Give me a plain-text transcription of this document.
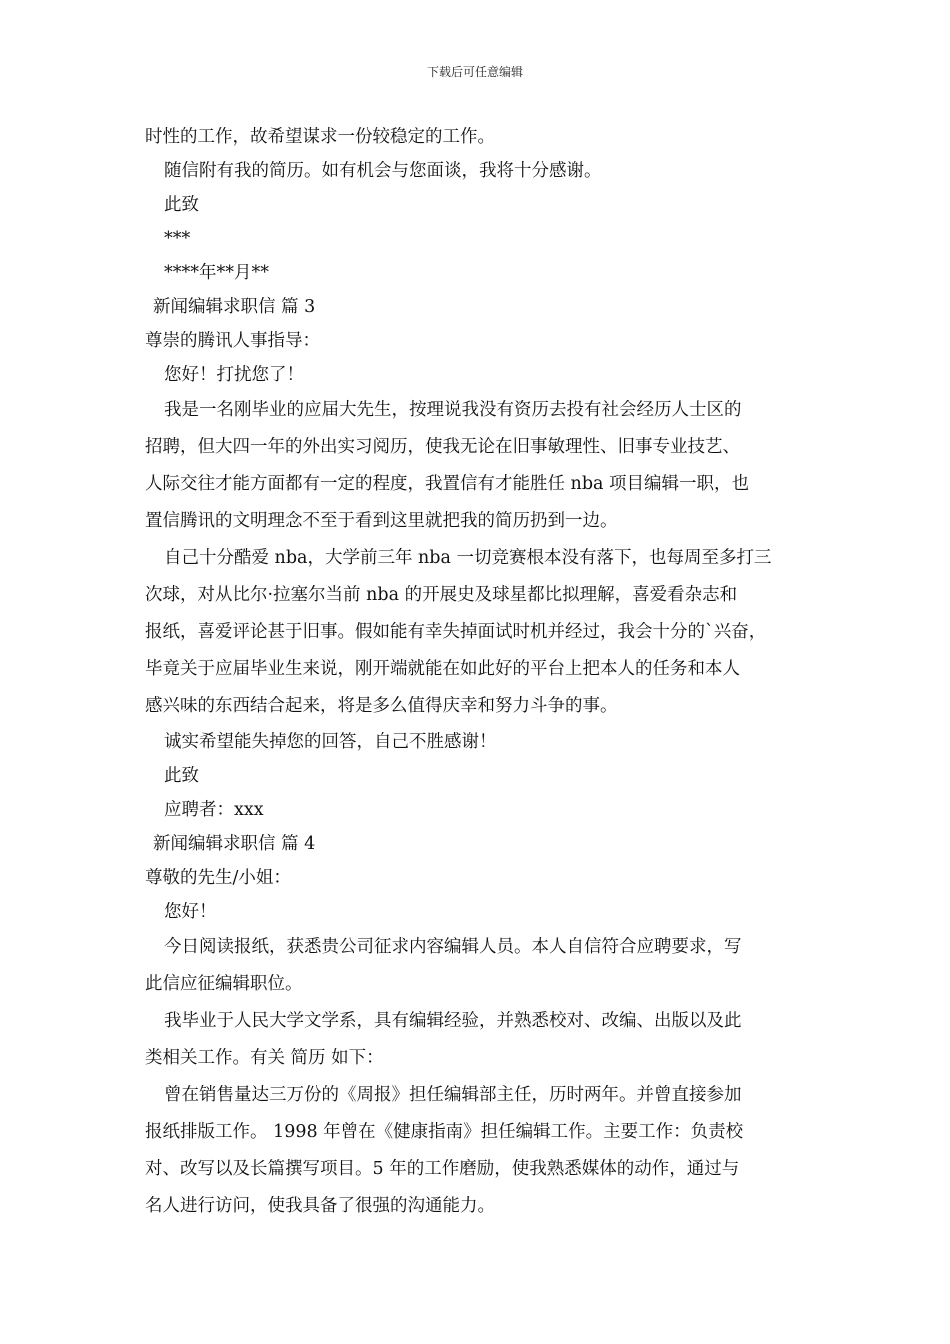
下载后可任意编辑
时性的工作，故希望谋求一份较稳定的工作。
随信附有我的简历。如有机会与您面谈，我将十分感谢。
此致
***
****年**月**
新闻编辑求职信 篇 3
尊崇的腾讯人事指导：
您好！打扰您了！
我是一名刚毕业的应届大先生，按理说我没有资历去投有社会经历人士区的
招聘，但大四一年的外出实习阅历，使我无论在旧事敏理性、旧事专业技艺、
人际交往才能方面都有一定的程度，我置信有才能胜任 nba 项目编辑一职，也
置信腾讯的文明理念不至于看到这里就把我的简历扔到一边。
自己十分酷爱 nba，大学前三年 nba 一切竞赛根本没有落下，也每周至多打三
次球，对从比尔·拉塞尔当前 nba 的开展史及球星都比拟理解，喜爱看杂志和
报纸，喜爱评论甚于旧事。假如能有幸失掉面试时机并经过，我会十分的`兴奋，
毕竟关于应届毕业生来说，刚开端就能在如此好的平台上把本人的任务和本人
感兴味的东西结合起来，将是多么值得庆幸和努力斗争的事。
诚实希望能失掉您的回答，自己不胜感谢！
此致
应聘者：xxx
新闻编辑求职信 篇 4
尊敬的先生/小姐：
您好！
今日阅读报纸，获悉贵公司征求内容编辑人员。本人自信符合应聘要求，写
此信应征编辑职位。
我毕业于人民大学文学系，具有编辑经验，并熟悉校对、改编、出版以及此
类相关工作。有关 简历 如下：
曾在销售量达三万份的《周报》担任编辑部主任，历时两年。并曾直接参加
报纸排版工作。 1998 年曾在《健康指南》担任编辑工作。主要工作：负责校
对、改写以及长篇撰写项目。5 年的工作磨励，使我熟悉媒体的动作，通过与
名人进行访问，使我具备了很强的沟通能力。
